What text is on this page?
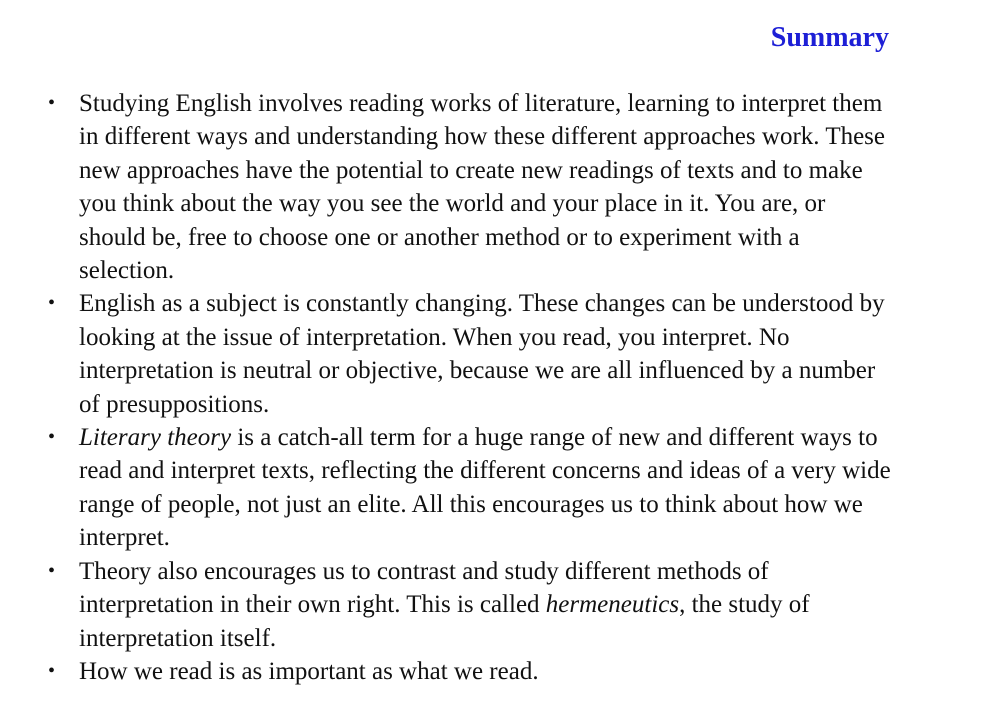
Summary
• Studying English involves reading works of literature, learning to interpret them in different ways and understanding how these different approaches work. These new approaches have the potential to create new readings of texts and to make you think about the way you see the world and your place in it. You are, or should be, free to choose one or another method or to experiment with a selection.
• English as a subject is constantly changing. These changes can be understood by looking at the issue of interpretation. When you read, you interpret. No interpretation is neutral or objective, because we are all influenced by a number of presuppositions.
• Literary theory is a catch-all term for a huge range of new and different ways to read and interpret texts, reflecting the different concerns and ideas of a very wide range of people, not just an elite. All this encourages us to think about how we interpret.
• Theory also encourages us to contrast and study different methods of interpretation in their own right. This is called hermeneutics, the study of interpretation itself.
• How we read is as important as what we read.
